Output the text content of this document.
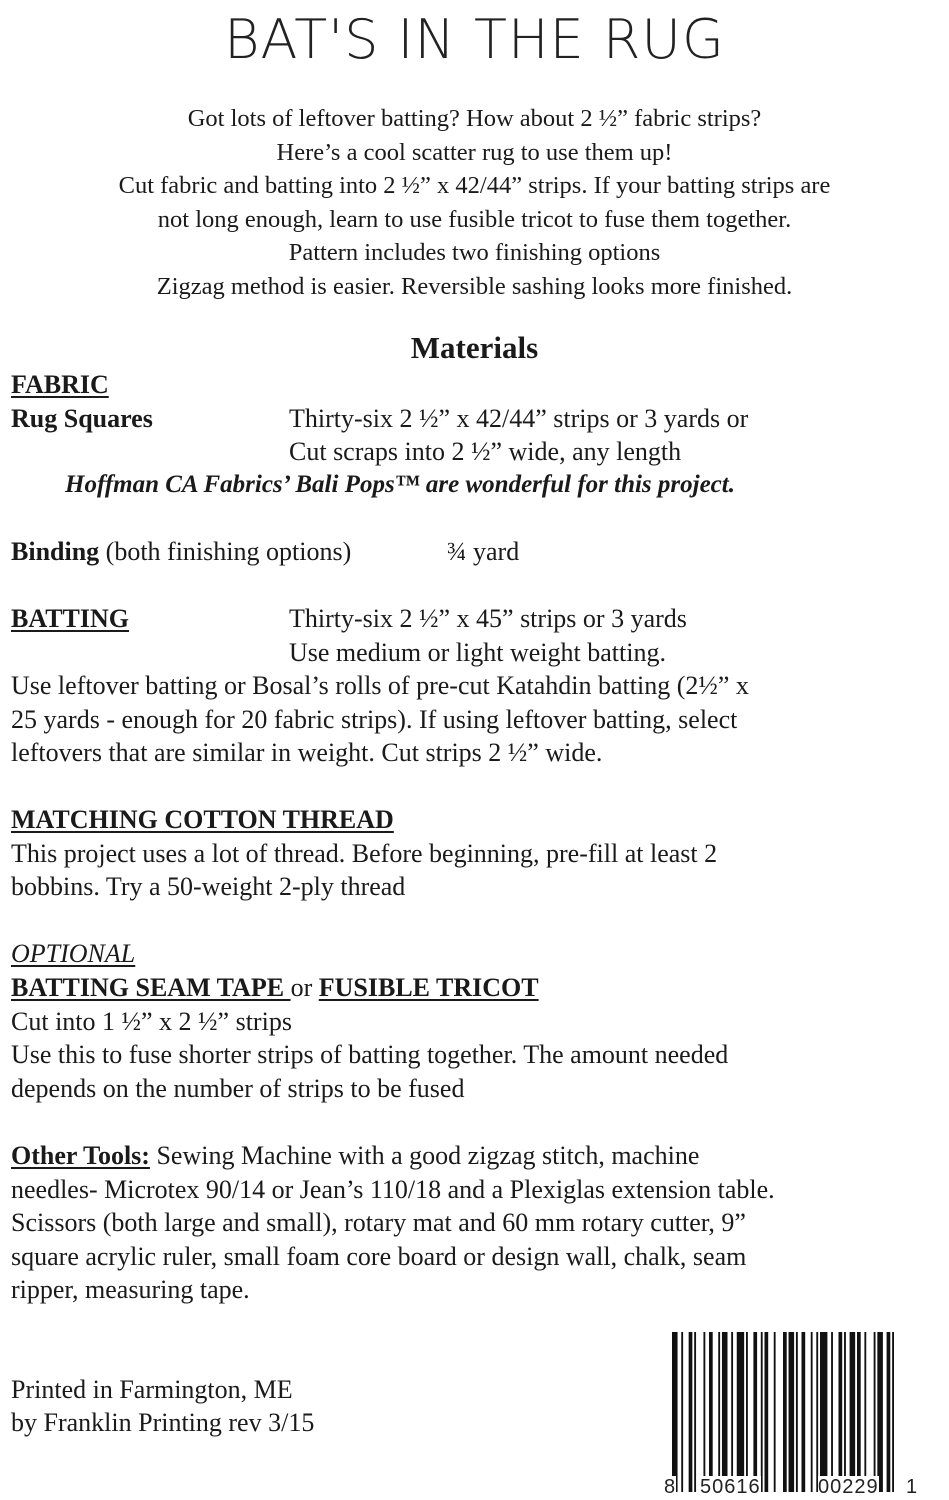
BAT'S IN THE RUG
Got lots of leftover batting? How about 2 ½” fabric strips?
Here’s a cool scatter rug to use them up!
Cut fabric and batting into 2 ½” x 42/44” strips. If your batting strips are
not long enough, learn to use fusible tricot to fuse them together.
Pattern includes two finishing options
Zigzag method is easier. Reversible sashing looks more finished.
Materials
FABRIC
Rug Squares	Thirty-six 2 ½” x 42/44” strips or 3 yards or
Cut scraps into 2 ½” wide, any length
Hoffman CA Fabrics’ Bali Pops™ are wonderful for this project.
Binding (both finishing options)	¾ yard
BATTING	Thirty-six 2 ½” x 45” strips or 3 yards
Use medium or light weight batting.
Use leftover batting or Bosal’s rolls of pre-cut Katahdin batting (2½” x
25 yards - enough for 20 fabric strips). If using leftover batting, select
leftovers that are similar in weight. Cut strips 2 ½” wide.
MATCHING COTTON THREAD
This project uses a lot of thread. Before beginning, pre-fill at least 2
bobbins. Try a 50-weight 2-ply thread
OPTIONAL
BATTING SEAM TAPE or FUSIBLE TRICOT
Cut into 1 ½” x 2 ½” strips
Use this to fuse shorter strips of batting together. The amount needed
depends on the number of strips to be fused
Other Tools: Sewing Machine with a good zigzag stitch, machine
needles- Microtex 90/14 or Jean’s 110/18 and a Plexiglas extension table.
Scissors (both large and small), rotary mat and 60 mm rotary cutter, 9”
square acrylic ruler, small foam core board or design wall, chalk, seam
ripper, measuring tape.
Printed in Farmington, ME
by Franklin Printing rev 3/15
8 50616	00229 1
